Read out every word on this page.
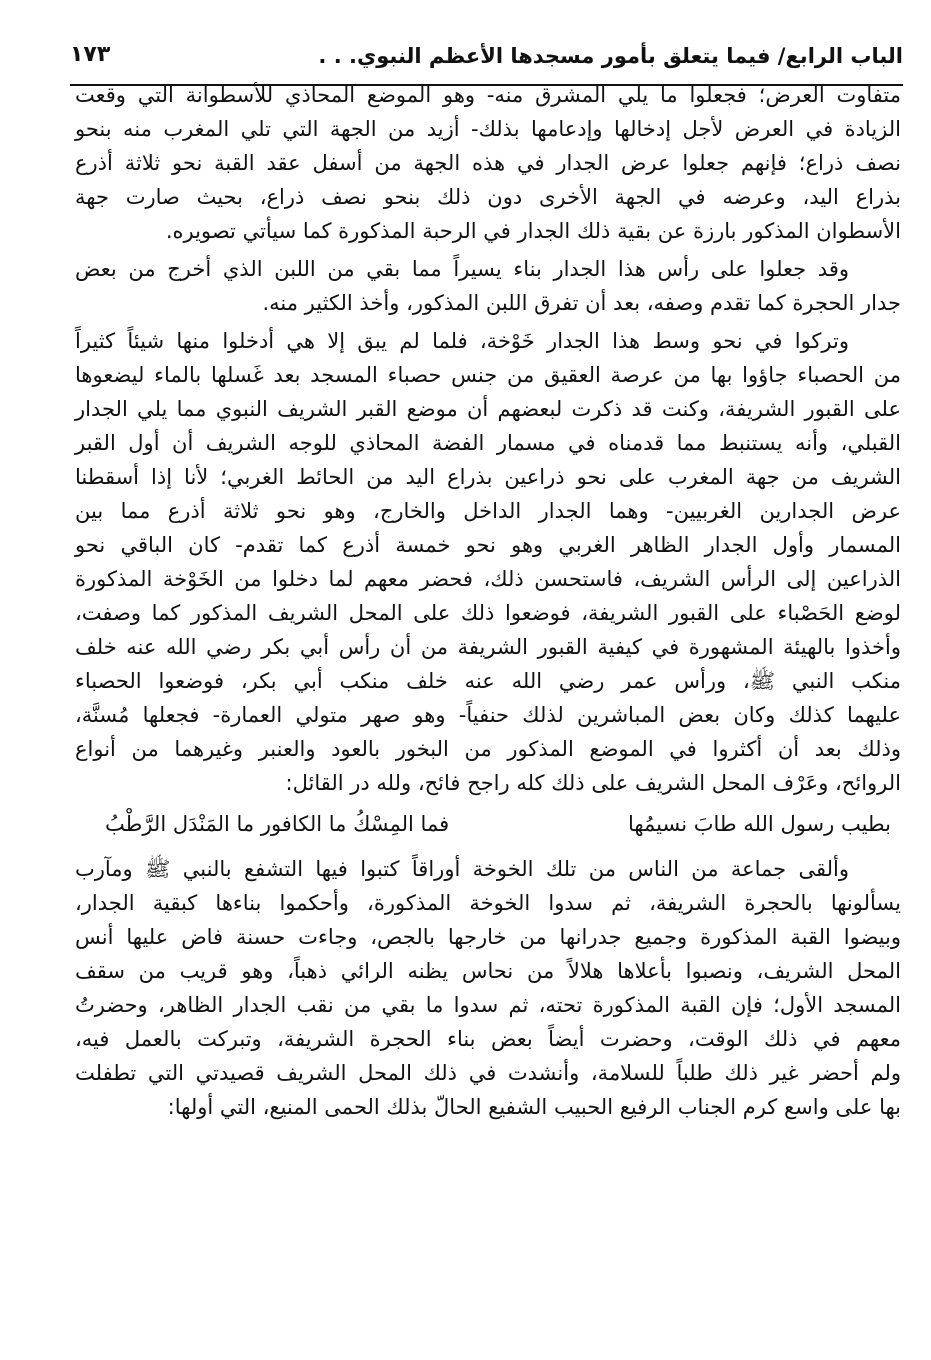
الباب الرابع/ فيما يتعلق بأمور مسجدها الأعظم النبوي. . .
١٧٣
متفاوت العرض؛ فجعلوا ما يلي المشرق منه- وهو الموضع المحاذي للأسطوانة التي وقعت
الزيادة في العرض لأجل إدخالها وإدعامها بذلك- أزيد من الجهة التي تلي المغرب منه بنحو
نصف ذراع؛ فإنهم جعلوا عرض الجدار في هذه الجهة من أسفل عقد القبة نحو ثلاثة أذرع
بذراع اليد، وعرضه في الجهة الأخرى دون ذلك بنحو نصف ذراع، بحيث صارت جهة
الأسطوان المذكور بارزة عن بقية ذلك الجدار في الرحبة المذكورة كما سيأتي تصويره.
وقد جعلوا على رأس هذا الجدار بناء يسيراً مما بقي من اللبن الذي أخرج من بعض
جدار الحجرة كما تقدم وصفه، بعد أن تفرق اللبن المذكور، وأخذ الكثير منه.
وتركوا في نحو وسط هذا الجدار خَوْخة، فلما لم يبق إلا هي أدخلوا منها شيئاً كثيراً
من الحصباء جاؤوا بها من عرصة العقيق من جنس حصباء المسجد بعد غَسلها بالماء ليضعوها
على القبور الشريفة، وكنت قد ذكرت لبعضهم أن موضع القبر الشريف النبوي مما يلي الجدار
القبلي، وأنه يستنبط مما قدمناه في مسمار الفضة المحاذي للوجه الشريف أن أول القبر
الشريف من جهة المغرب على نحو ذراعين بذراع اليد من الحائط الغربي؛ لأنا إذا أسقطنا
عرض الجدارين الغربيين- وهما الجدار الداخل والخارج، وهو نحو ثلاثة أذرع مما بين
المسمار وأول الجدار الظاهر الغربي وهو نحو خمسة أذرع كما تقدم- كان الباقي نحو
الذراعين إلى الرأس الشريف، فاستحسن ذلك، فحضر معهم لما دخلوا من الخَوْخة المذكورة
لوضع الحَصْباء على القبور الشريفة، فوضعوا ذلك على المحل الشريف المذكور كما وصفت،
وأخذوا بالهيئة المشهورة في كيفية القبور الشريفة من أن رأس أبي بكر رضي الله عنه خلف
منكب النبي ﷺ، ورأس عمر رضي الله عنه خلف منكب أبي بكر، فوضعوا الحصباء
عليهما كذلك وكان بعض المباشرين لذلك حنفياً- وهو صهر متولي العمارة- فجعلها مُسنَّة،
وذلك بعد أن أكثروا في الموضع المذكور من البخور بالعود والعنبر وغيرهما من أنواع
الروائح، وعَرْف المحل الشريف على ذلك كله راجح فائح، ولله در القائل:
بطيب رسول الله طابَ نسيمُها
فما المِسْكُ ما الكافور ما المَنْدَل الرَّطْبُ
وألقى جماعة من الناس من تلك الخوخة أوراقاً كتبوا فيها التشفع بالنبي ﷺ ومآرب
يسألونها بالحجرة الشريفة، ثم سدوا الخوخة المذكورة، وأحكموا بناءها كبقية الجدار،
وبيضوا القبة المذكورة وجميع جدرانها من خارجها بالجص، وجاءت حسنة فاض عليها أنس
المحل الشريف، ونصبوا بأعلاها هلالاً من نحاس يظنه الرائي ذهباً، وهو قريب من سقف
المسجد الأول؛ فإن القبة المذكورة تحته، ثم سدوا ما بقي من نقب الجدار الظاهر، وحضرتُ
معهم في ذلك الوقت، وحضرت أيضاً بعض بناء الحجرة الشريفة، وتبركت بالعمل فيه،
ولم أحضر غير ذلك طلباً للسلامة، وأنشدت في ذلك المحل الشريف قصيدتي التي تطفلت
بها على واسع كرم الجناب الرفيع الحبيب الشفيع الحالّ بذلك الحمى المنيع، التي أولها:
